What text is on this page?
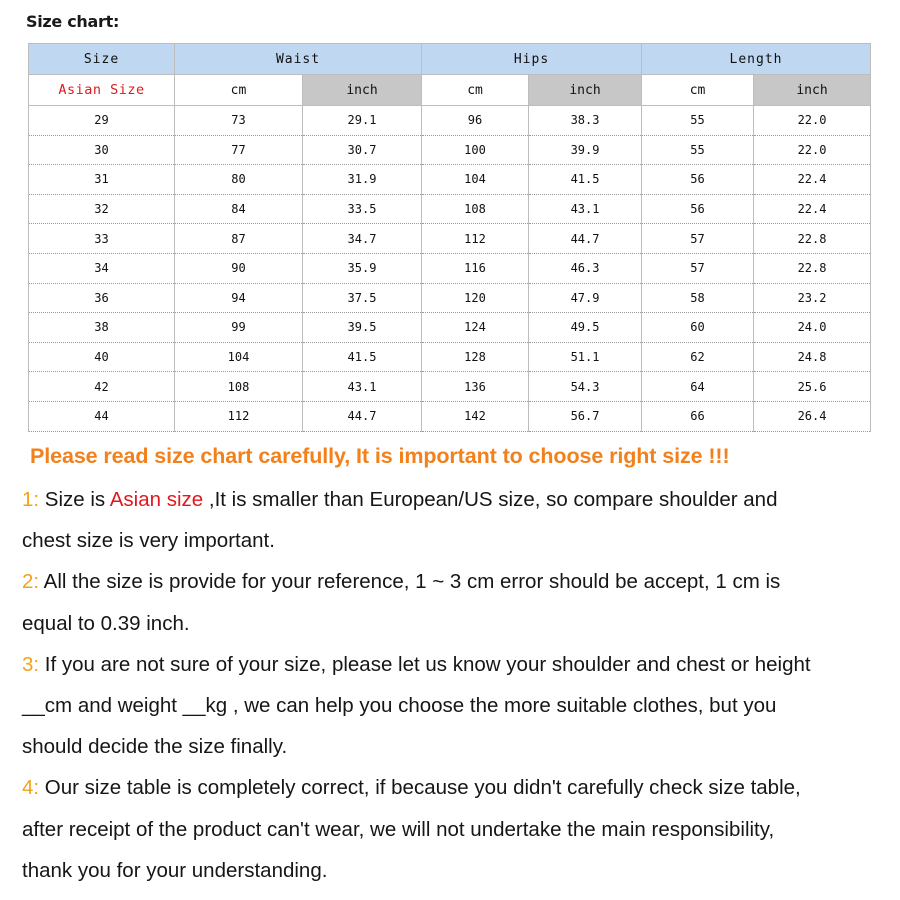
Size chart:
Size	Waist		Hips		Length	
Asian Size	cm	inch	cm	inch	cm	inch
29	73	29.1	96	38.3	55	22.0
30	77	30.7	100	39.9	55	22.0
31	80	31.9	104	41.5	56	22.4
32	84	33.5	108	43.1	56	22.4
33	87	34.7	112	44.7	57	22.8
34	90	35.9	116	46.3	57	22.8
36	94	37.5	120	47.9	58	23.2
38	99	39.5	124	49.5	60	24.0
40	104	41.5	128	51.1	62	24.8
42	108	43.1	136	54.3	64	25.6
44	112	44.7	142	56.7	66	26.4
Please read size chart carefully, It is important to choose right size !!!
1: Size is Asian size ,It is smaller than European/US size, so compare shoulder and
chest size is very important.
2: All the size is provide for your reference, 1 ~ 3 cm error should be accept, 1 cm is
equal to 0.39 inch.
3: If you are not sure of your size, please let us know your shoulder and chest or height
__cm and weight __kg , we can help you choose the more suitable clothes, but you
should decide the size finally.
4: Our size table is completely correct, if because you didn't carefully check size table,
after receipt of the product can't wear, we will not undertake the main responsibility,
thank you for your understanding.
